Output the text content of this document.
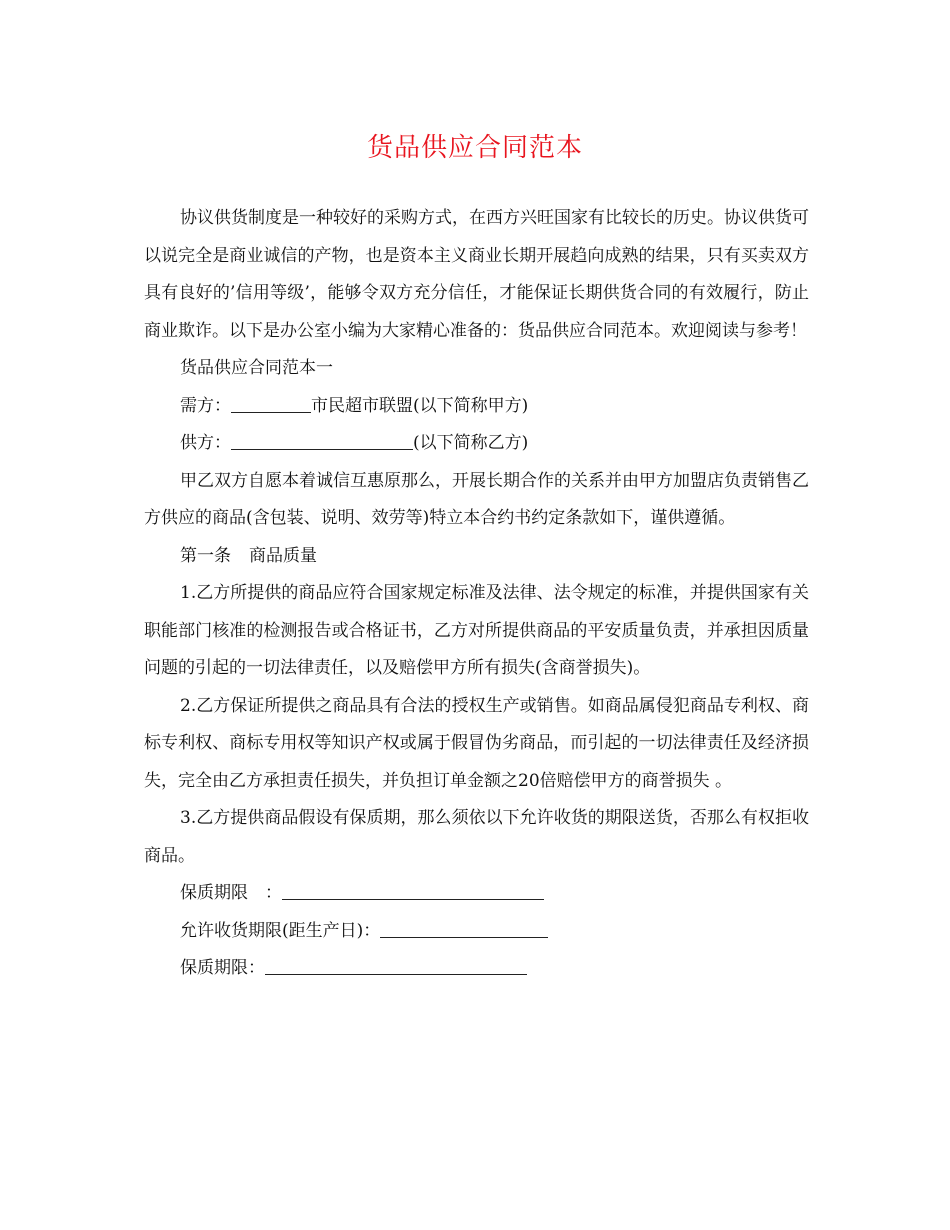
货品供应合同范本

协议供货制度是一种较好的采购方式，在西方兴旺国家有比较长的历史。协议供货可以说完全是商业诚信的产物，也是资本主义商业长期开展趋向成熟的结果，只有买卖双方具有良好的’信用等级’，能够令双方充分信任，才能保证长期供货合同的有效履行，防止商业欺诈。以下是办公室小编为大家精心准备的：货品供应合同范本。欢迎阅读与参考！

货品供应合同范本一

需方：	市民超市联盟(以下简称甲方)

供方：	(以下简称乙方)

甲乙双方自愿本着诚信互惠原那么，开展长期合作的关系并由甲方加盟店负责销售乙方供应的商品(含包装、说明、效劳等)特立本合约书约定条款如下，谨供遵循。

第一条 商品质量

1.乙方所提供的商品应符合国家规定标准及法律、法令规定的标准，并提供国家有关职能部门核准的检测报告或合格证书，乙方对所提供商品的平安质量负责，并承担因质量问题的引起的一切法律责任，以及赔偿甲方所有损失(含商誉损失)。

2.乙方保证所提供之商品具有合法的授权生产或销售。如商品属侵犯商品专利权、商标专利权、商标专用权等知识产权或属于假冒伪劣商品，而引起的一切法律责任及经济损失，完全由乙方承担责任损失，并负担订单金额之20倍赔偿甲方的商誉损失 。

3.乙方提供商品假设有保质期，那么须依以下允许收货的期限送货，否那么有权拒收商品。

保质期限　：

允许收货期限(距生产日)：

保质期限：
